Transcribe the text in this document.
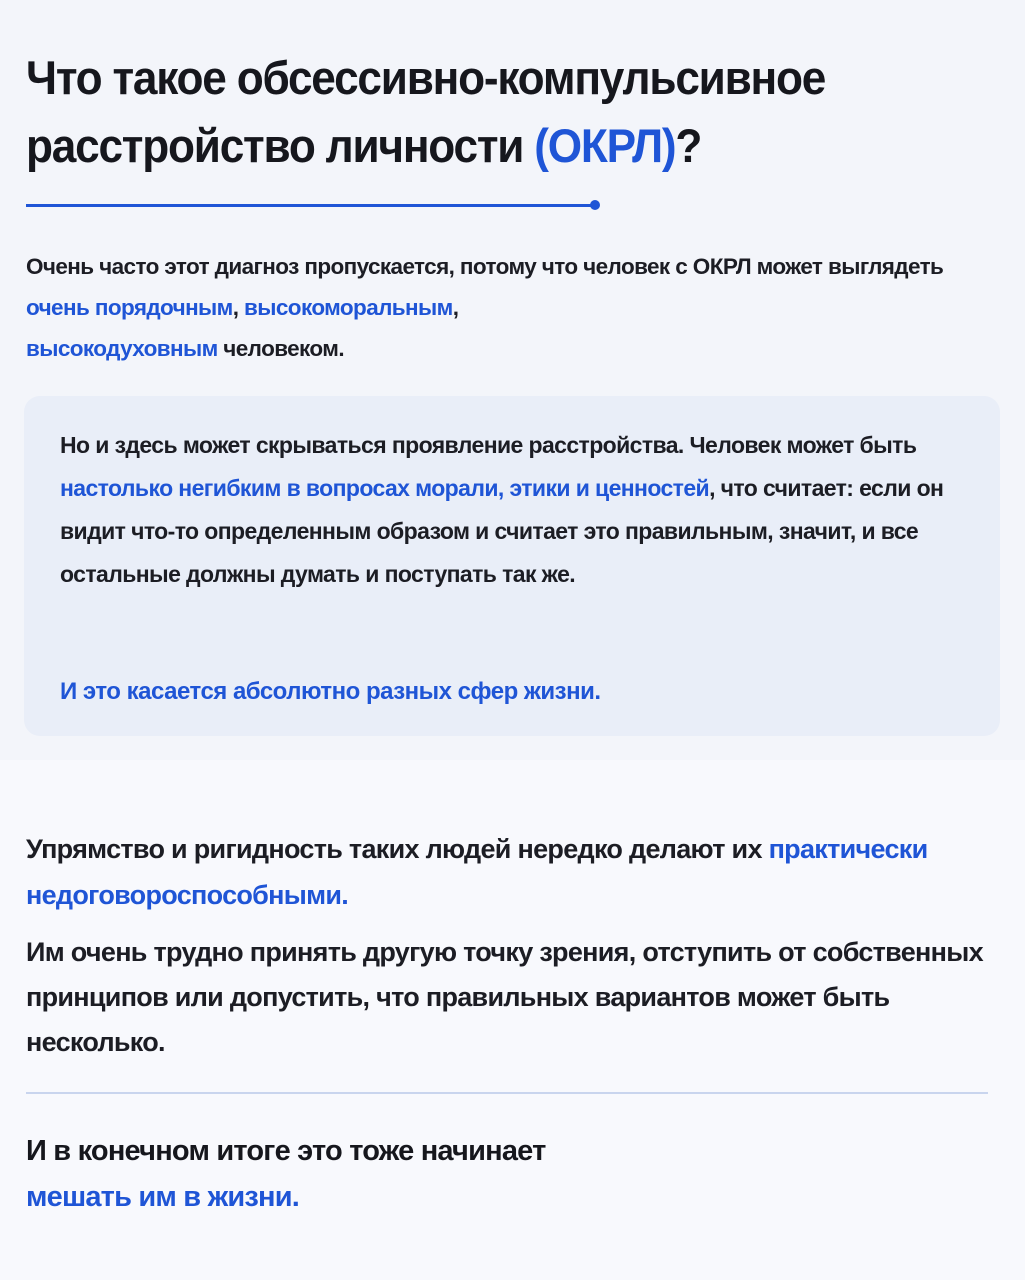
Что такое обсессивно-компульсивное
расстройство личности (ОКРЛ)?

Очень часто этот диагноз пропускается, потому что человек с ОКРЛ может выглядеть очень порядочным, высокоморальным,
высокодуховным человеком.

Но и здесь может скрываться проявление расстройства. Человек может быть настолько негибким в вопросах морали, этики и ценностей, что считает: если он видит что-то определенным образом и считает это правильным, значит, и все остальные должны думать и поступать так же.

И это касается абсолютно разных сфер жизни.

Упрямство и ригидность таких людей нередко делают их практически недоговороспособными.

Им очень трудно принять другую точку зрения, отступить от собственных принципов или допустить, что правильных вариантов может быть несколько.

И в конечном итоге это тоже начинает
мешать им в жизни.
